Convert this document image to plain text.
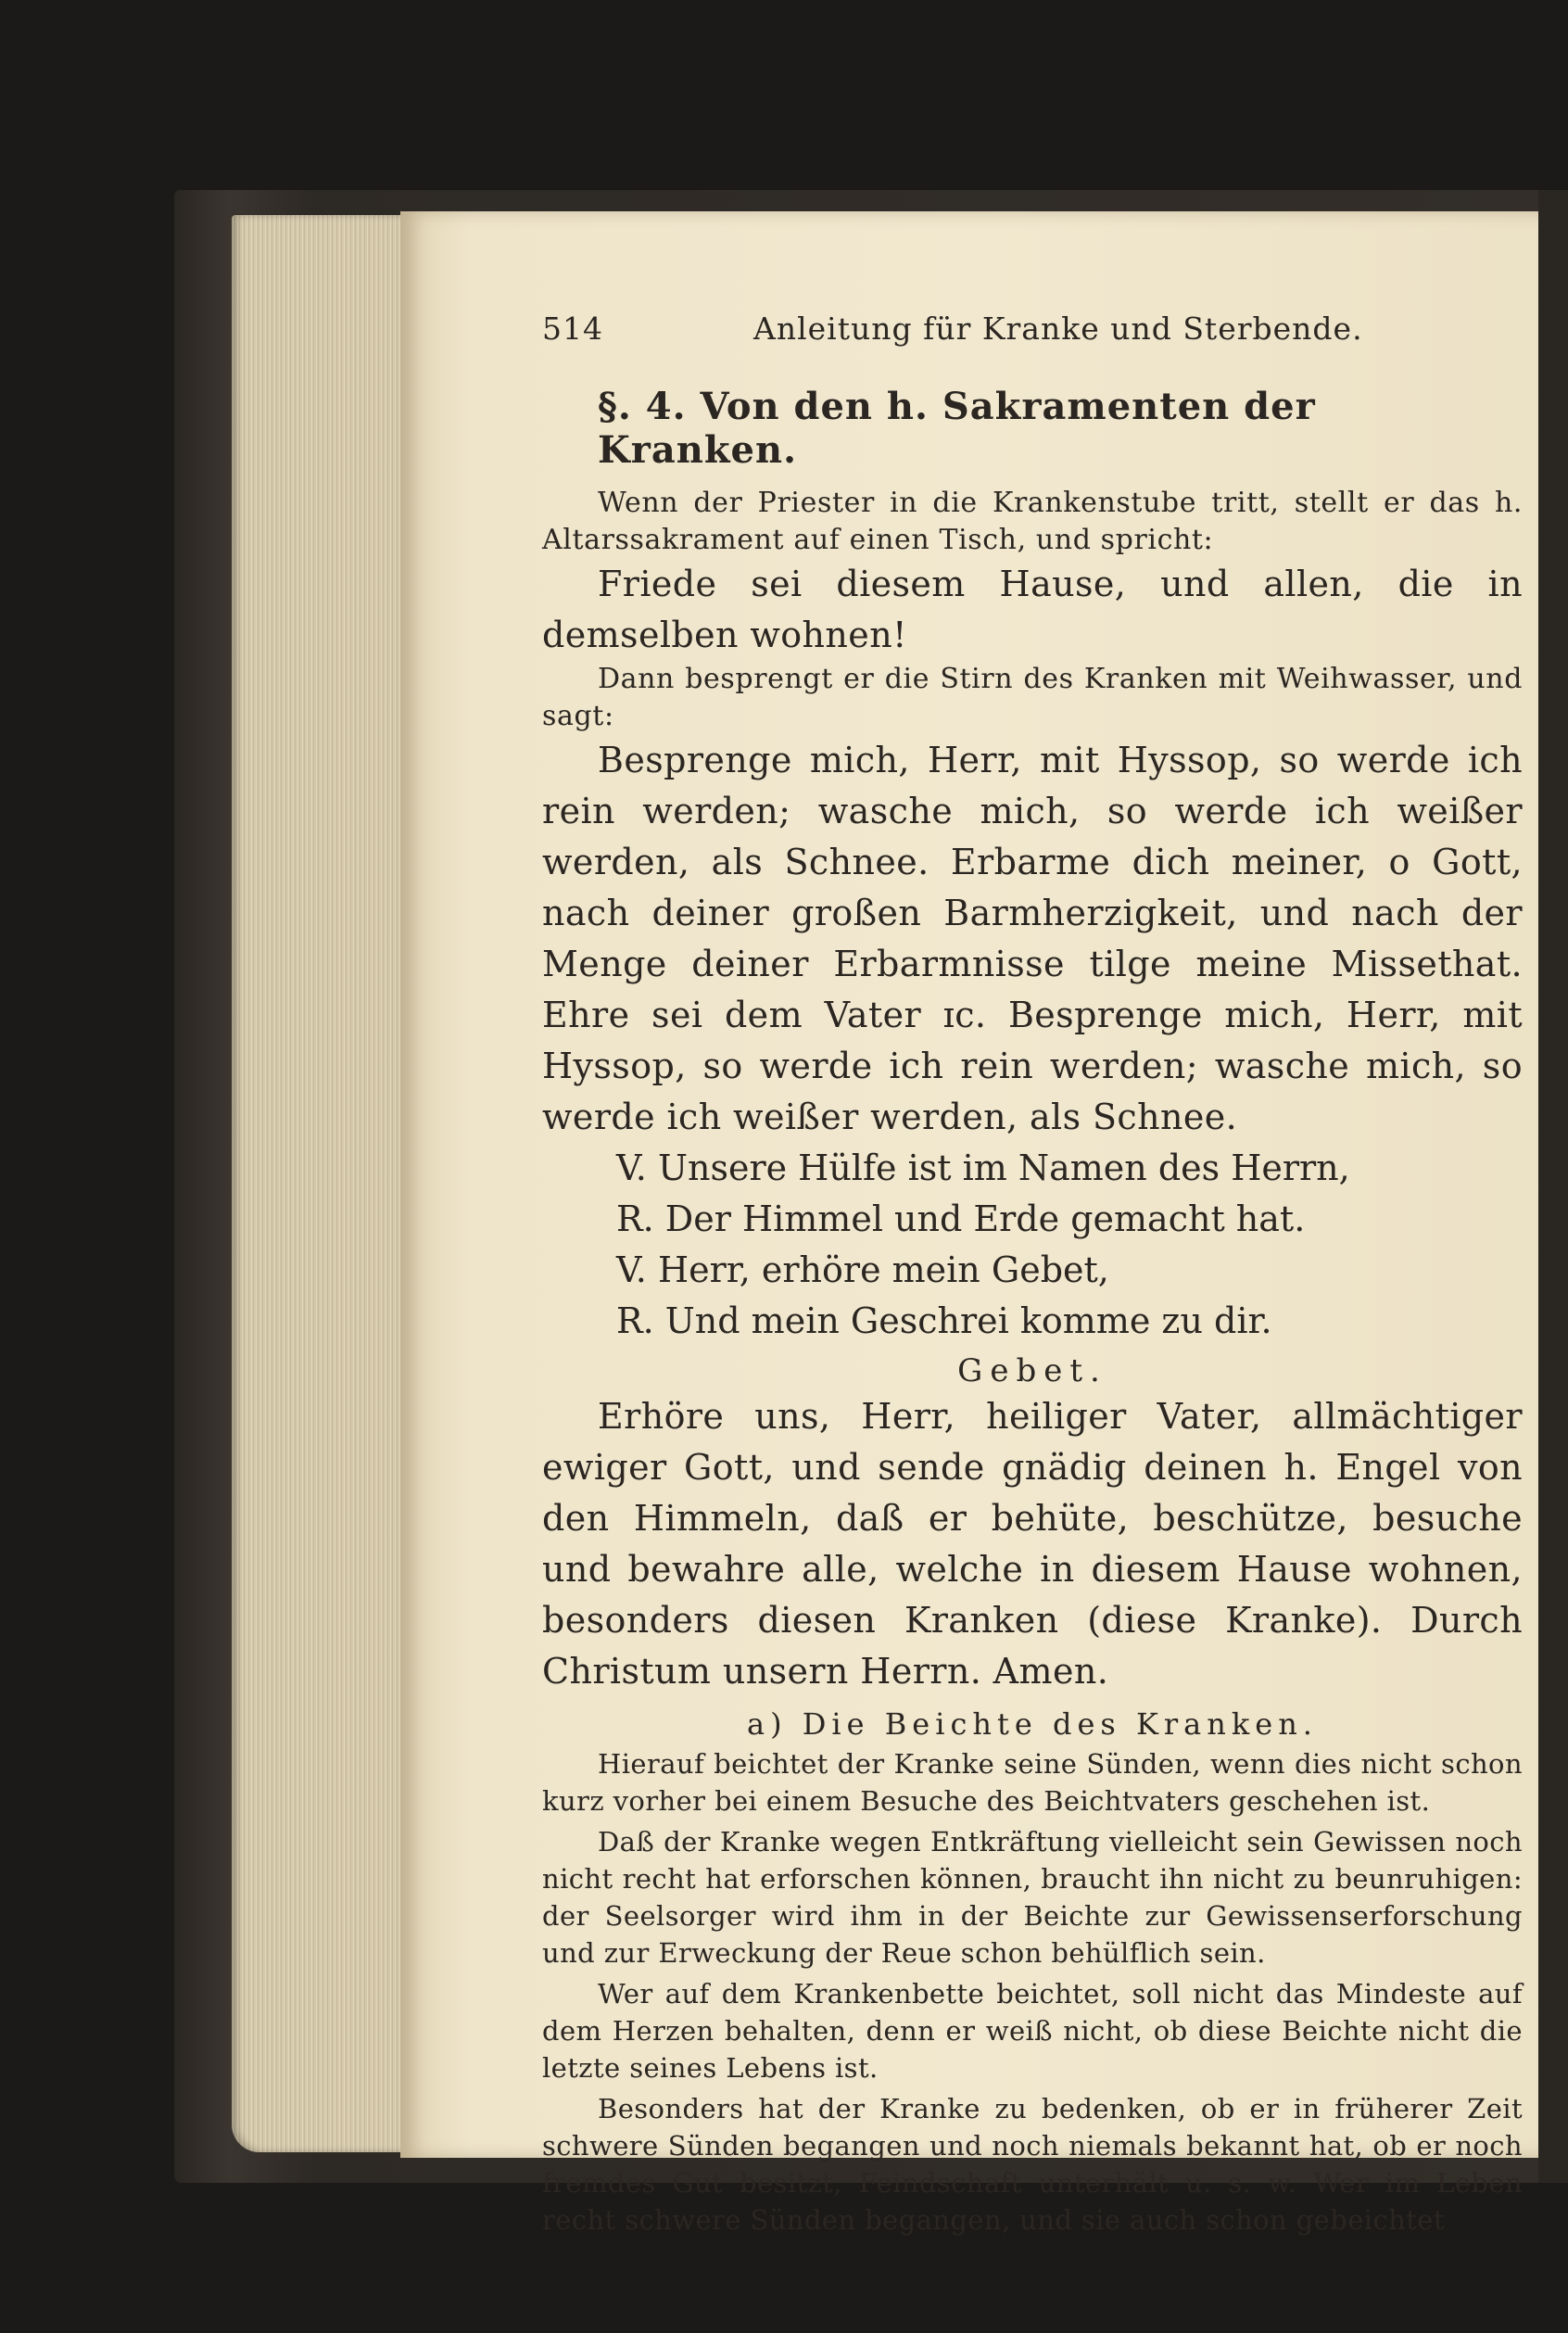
514	Anleitung für Kranke und Sterbende.
§. 4. Von den h. Sakramenten der Kranken.

Wenn der Priester in die Krankenstube tritt, stellt er das h. Altarssakrament auf einen Tisch, und spricht:

Friede sei diesem Hause, und allen, die in demselben wohnen!

Dann besprengt er die Stirn des Kranken mit Weihwasser, und sagt:

Besprenge mich, Herr, mit Hyssop, so werde ich rein werden; wasche mich, so werde ich weißer werden, als Schnee. Erbarme dich meiner, o Gott, nach deiner großen Barmherzigkeit, und nach der Menge deiner Erbarmnisse tilge meine Missethat. Ehre sei dem Vater ɪc. Besprenge mich, Herr, mit Hyssop, so werde ich rein werden; wasche mich, so werde ich weißer werden, als Schnee.

V. Unsere Hülfe ist im Namen des Herrn,
R. Der Himmel und Erde gemacht hat.
V. Herr, erhöre mein Gebet,
R. Und mein Geschrei komme zu dir.
Gebet.

Erhöre uns, Herr, heiliger Vater, allmächtiger ewiger Gott, und sende gnädig deinen h. Engel von den Himmeln, daß er behüte, beschütze, besuche und bewahre alle, welche in diesem Hause wohnen, besonders diesen Kranken (diese Kranke). Durch Christum unsern Herrn. Amen.

a) Die Beichte des Kranken.

Hierauf beichtet der Kranke seine Sünden, wenn dies nicht schon kurz vorher bei einem Besuche des Beichtvaters geschehen ist.

Daß der Kranke wegen Entkräftung vielleicht sein Gewissen noch nicht recht hat erforschen können, braucht ihn nicht zu beunruhigen: der Seelsorger wird ihm in der Beichte zur Gewissenserforschung und zur Erweckung der Reue schon behülflich sein.

Wer auf dem Krankenbette beichtet, soll nicht das Mindeste auf dem Herzen behalten, denn er weiß nicht, ob diese Beichte nicht die letzte seines Lebens ist.

Besonders hat der Kranke zu bedenken, ob er in früherer Zeit schwere Sünden begangen und noch niemals bekannt hat, ob er noch fremdes Gut besitzt, Feindschaft unterhält u. s. w. Wer im Leben recht schwere Sünden begangen, und sie auch schon gebeichtet
